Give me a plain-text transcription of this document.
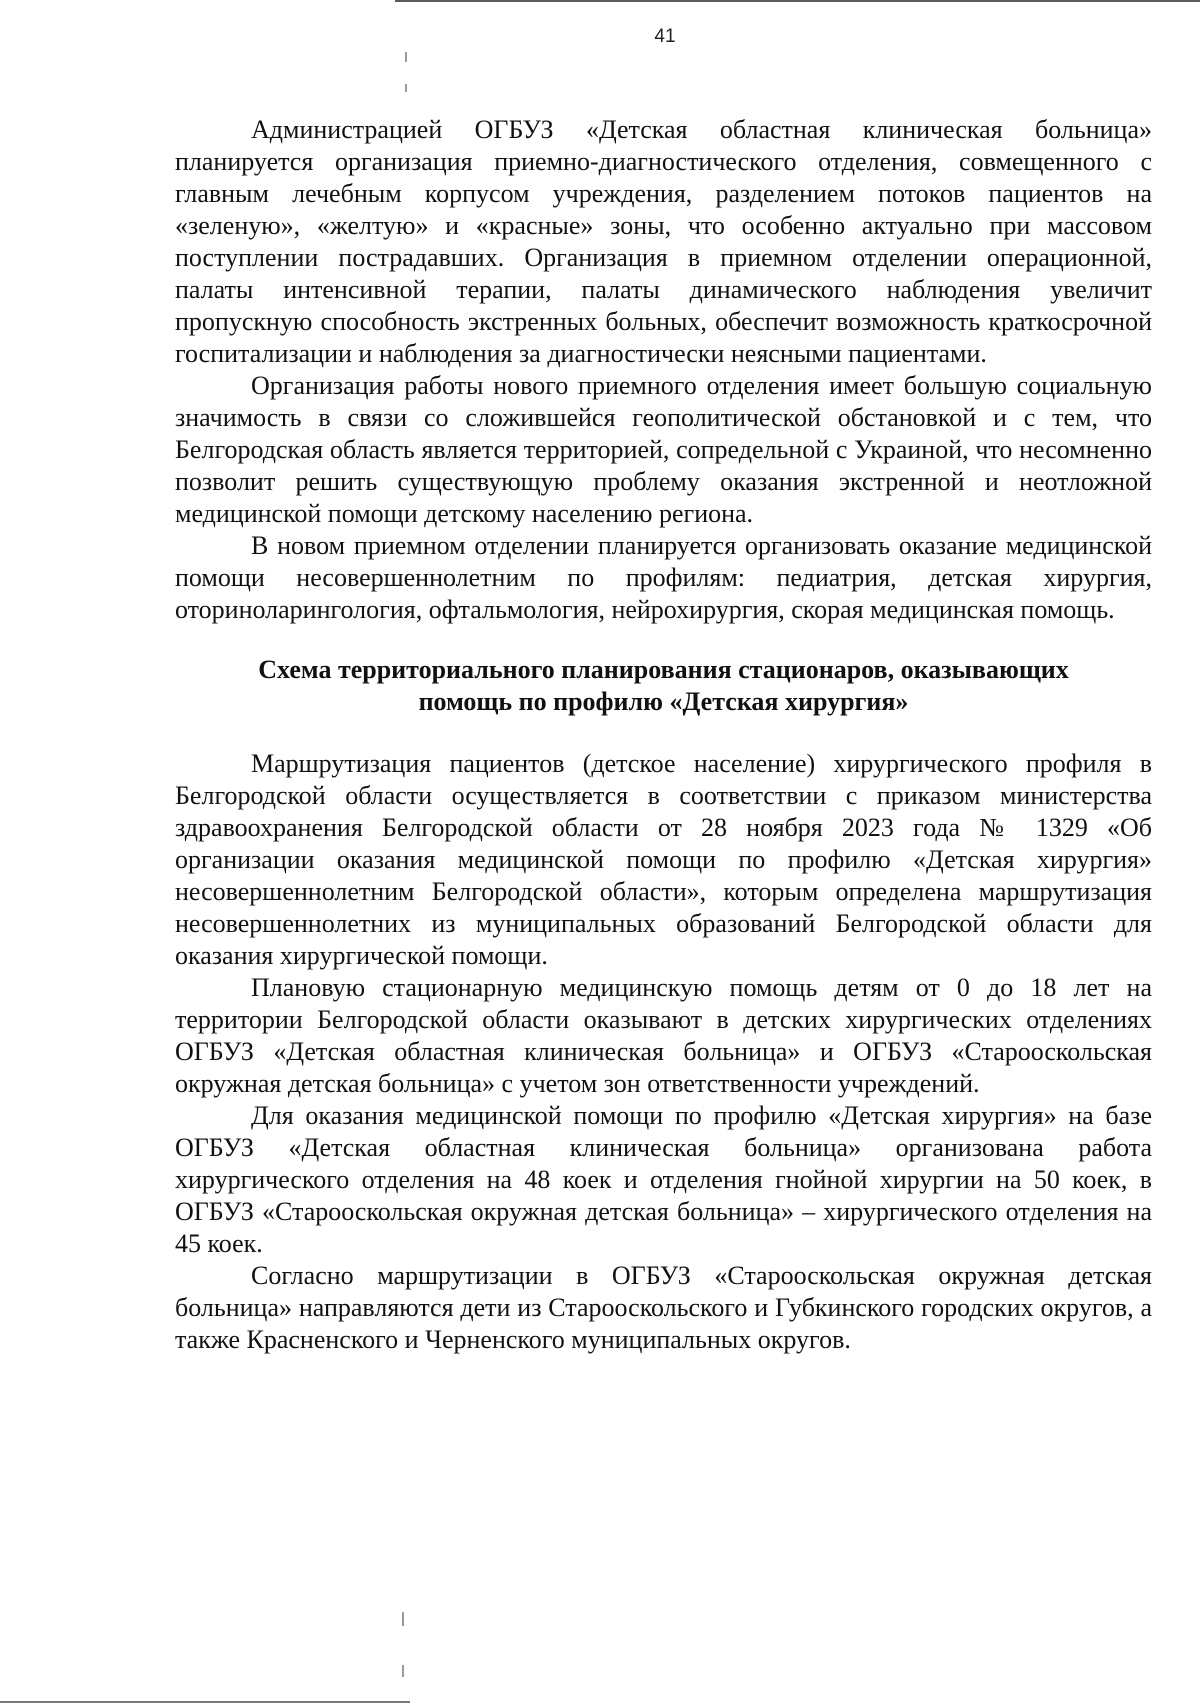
41

Администрацией ОГБУЗ «Детская областная клиническая больница» планируется организация приемно-диагностического отделения, совмещенного с главным лечебным корпусом учреждения, разделением потоков пациентов на «зеленую», «желтую» и «красные» зоны, что особенно актуально при массовом поступлении пострадавших. Организация в приемном отделении операционной, палаты интенсивной терапии, палаты динамического наблюдения увеличит пропускную способность экстренных больных, обеспечит возможность краткосрочной госпитализации и наблюдения за диагностически неясными пациентами.

Организация работы нового приемного отделения имеет большую социальную значимость в связи со сложившейся геополитической обстановкой и с тем, что Белгородская область является территорией, сопредельной с Украиной, что несомненно позволит решить существующую проблему оказания экстренной и неотложной медицинской помощи детскому населению региона.

В новом приемном отделении планируется организовать оказание медицинской помощи несовершеннолетним по профилям: педиатрия, детская хирургия, оториноларингология, офтальмология, нейрохирургия, скорая медицинская помощь.

Схема территориального планирования стационаров, оказывающих помощь по профилю «Детская хирургия»

Маршрутизация пациентов (детское население) хирургического профиля в Белгородской области осуществляется в соответствии с приказом министерства здравоохранения Белгородской области от 28 ноября 2023 года № 1329 «Об организации оказания медицинской помощи по профилю «Детская хирургия» несовершеннолетним Белгородской области», которым определена маршрутизация несовершеннолетних из муниципальных образований Белгородской области для оказания хирургической помощи.

Плановую стационарную медицинскую помощь детям от 0 до 18 лет на территории Белгородской области оказывают в детских хирургических отделениях ОГБУЗ «Детская областная клиническая больница» и ОГБУЗ «Старооскольская окружная детская больница» с учетом зон ответственности учреждений.

Для оказания медицинской помощи по профилю «Детская хирургия» на базе ОГБУЗ «Детская областная клиническая больница» организована работа хирургического отделения на 48 коек и отделения гнойной хирургии на 50 коек, в ОГБУЗ «Старооскольская окружная детская больница» – хирургического отделения на 45 коек.

Согласно маршрутизации в ОГБУЗ «Старооскольская окружная детская больница» направляются дети из Старооскольского и Губкинского городских округов, а также Красненского и Черненского муниципальных округов.
